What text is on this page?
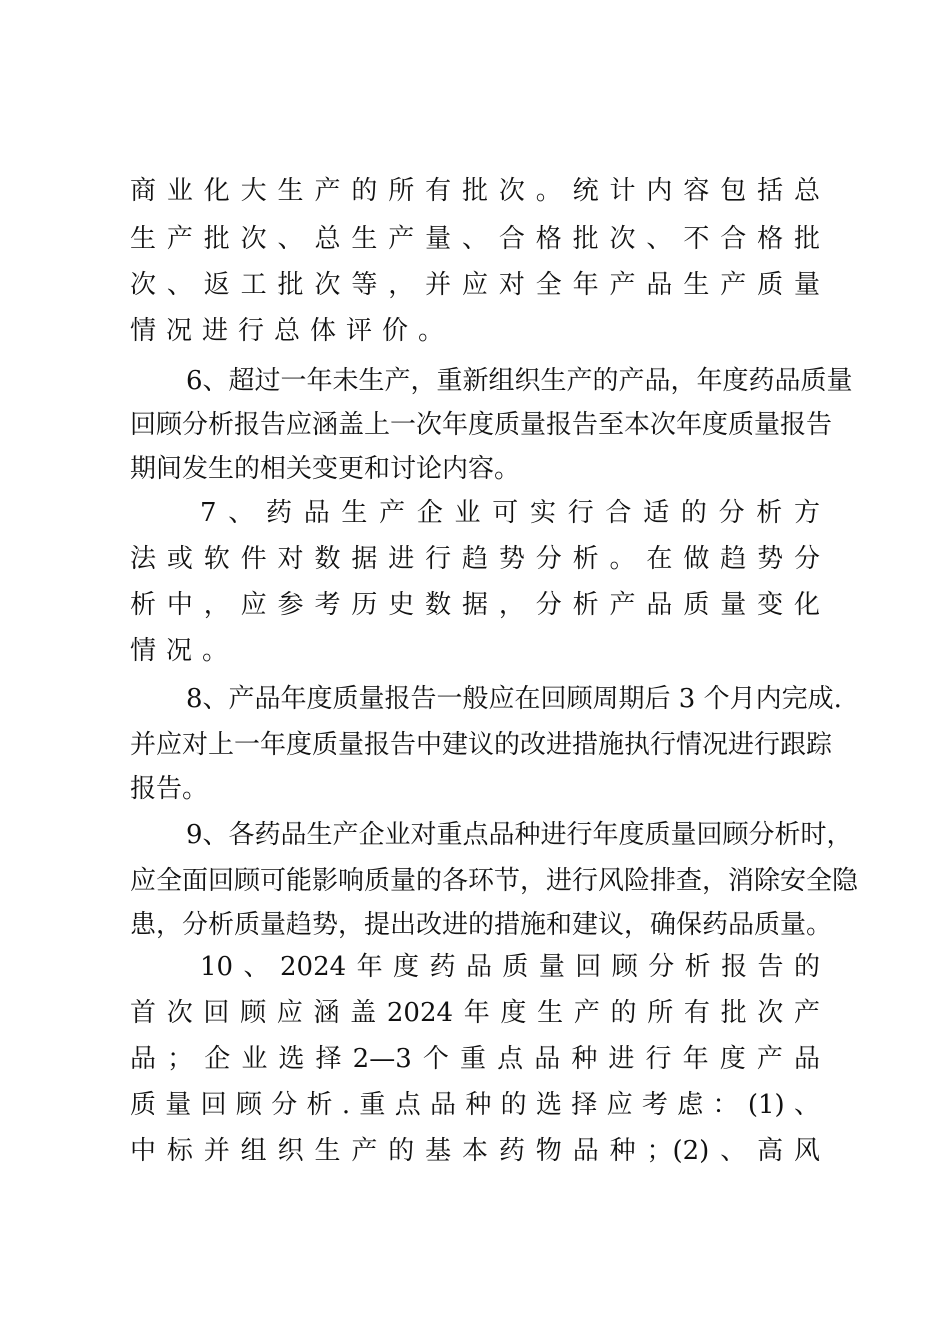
商业化大生产的所有批次。统计内容包括总
生产批次、总生产量、合格批次、不合格批
次、返工批次等，并应对全年产品生产质量
情况进行总体评价。
6、超过一年未生产，重新组织生产的产品，年度药品质量
回顾分析报告应涵盖上一次年度质量报告至本次年度质量报告
期间发生的相关变更和讨论内容。
7、药品生产企业可实行合适的分析方
法或软件对数据进行趋势分析。在做趋势分
析中，应参考历史数据，分析产品质量变化
情况。
8、产品年度质量报告一般应在回顾周期后 3 个月内完成.
并应对上一年度质量报告中建议的改进措施执行情况进行跟踪
报告。
9、各药品生产企业对重点品种进行年度质量回顾分析时，
应全面回顾可能影响质量的各环节，进行风险排查，消除安全隐
患，分析质量趋势，提出改进的措施和建议，确保药品质量。
10、2024年度药品质量回顾分析报告的
首次回顾应涵盖2024年度生产的所有批次产
品；企业选择2—3个重点品种进行年度产品
质量回顾分析.重点品种的选择应考虑：(1)、
中标并组织生产的基本药物品种；(2)、高风
